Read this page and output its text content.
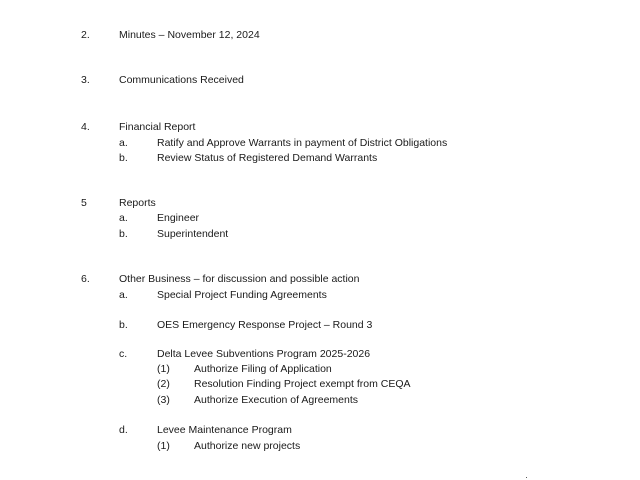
2.	Minutes – November 12, 2024
3.	Communications Received
4.	Financial Report
a.	Ratify and Approve Warrants in payment of District Obligations
b.	Review Status of Registered Demand Warrants
5	Reports
a.	Engineer
b.	Superintendent
6.	Other Business – for discussion and possible action
a.	Special Project Funding Agreements
b.	OES Emergency Response Project – Round 3
c.	Delta Levee Subventions Program 2025-2026
(1) Authorize Filing of Application
(2) Resolution Finding Project exempt from CEQA
(3) Authorize Execution of Agreements
d.	Levee Maintenance Program
(1) Authorize new projects
